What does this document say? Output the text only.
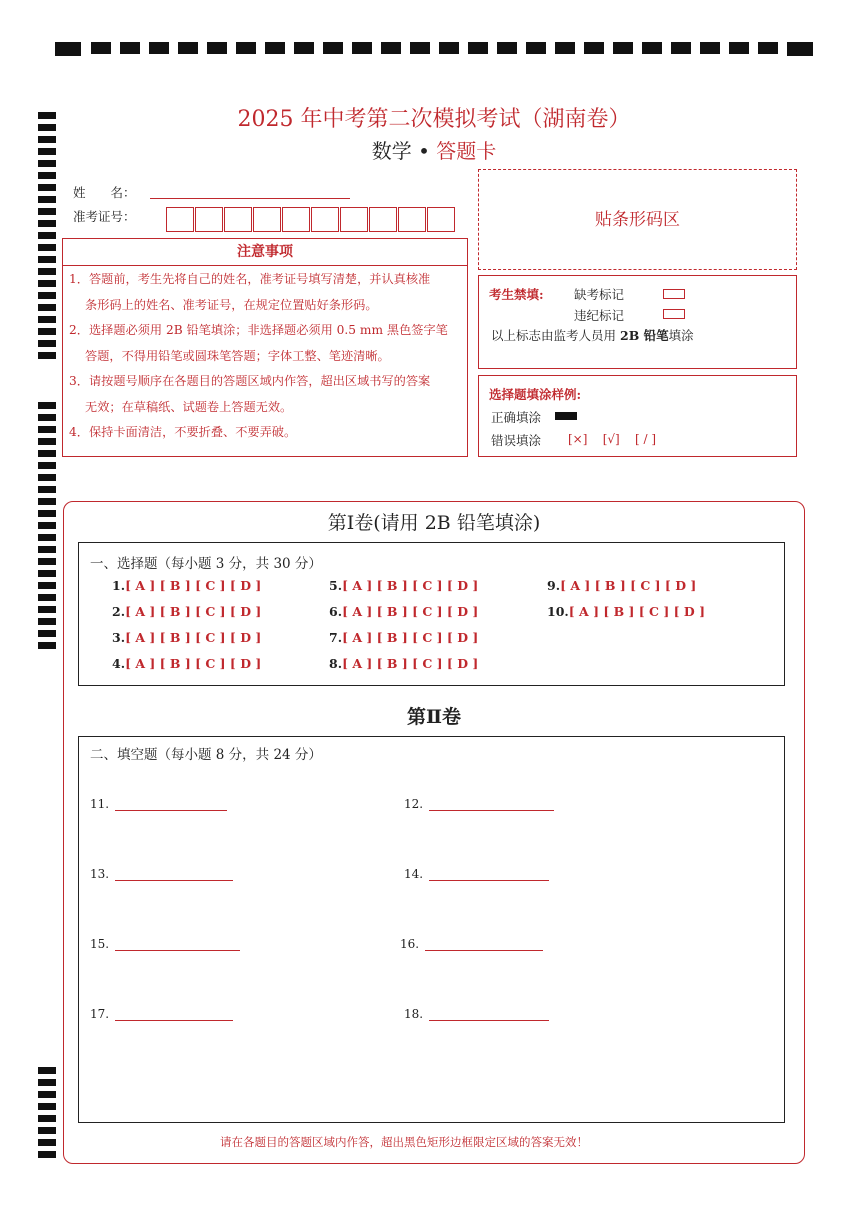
2025 年中考第二次模拟考试（湖南卷）
数学 • 答题卡
姓　　名：
准考证号：	贴条形码区
注意事项
1．答题前，考生先将自己的姓名，准考证号填写清楚，并认真核准
　 条形码上的姓名、准考证号，在规定位置贴好条形码。
2．选择题必须用 2B 铅笔填涂；非选择题必须用 0.5 mm 黑色签字笔
　 答题，不得用铅笔或圆珠笔答题；字体工整、笔迹清晰。
3．请按题号顺序在各题目的答题区域内作答，超出区域书写的答案
　 无效；在草稿纸、试题卷上答题无效。
4．保持卡面清洁，不要折叠、不要弄破。
考生禁填: 缺考标记
违纪标记
以上标志由监考人员用 2B 铅笔填涂
选择题填涂样例:
正确填涂
错误填涂 [×] [√] [ / ]
第Ⅰ卷(请用 2B 铅笔填涂)
一、选择题（每小题 3 分，共 30 分）
1.[ A ] [ B ] [ C ] [ D ]
2.[ A ] [ B ] [ C ] [ D ]
3.[ A ] [ B ] [ C ] [ D ]
4.[ A ] [ B ] [ C ] [ D ]
5.[ A ] [ B ] [ C ] [ D ]
6.[ A ] [ B ] [ C ] [ D ]
7.[ A ] [ B ] [ C ] [ D ]
8.[ A ] [ B ] [ C ] [ D ]
9.[ A ] [ B ] [ C ] [ D ]
10.[ A ] [ B ] [ C ] [ D ]
第Ⅱ卷
二、填空题（每小题 8 分，共 24 分）
11.	12.
13.	14.
15.	16.
17.	18.
请在各题目的答题区域内作答，超出黑色矩形边框限定区域的答案无效！
